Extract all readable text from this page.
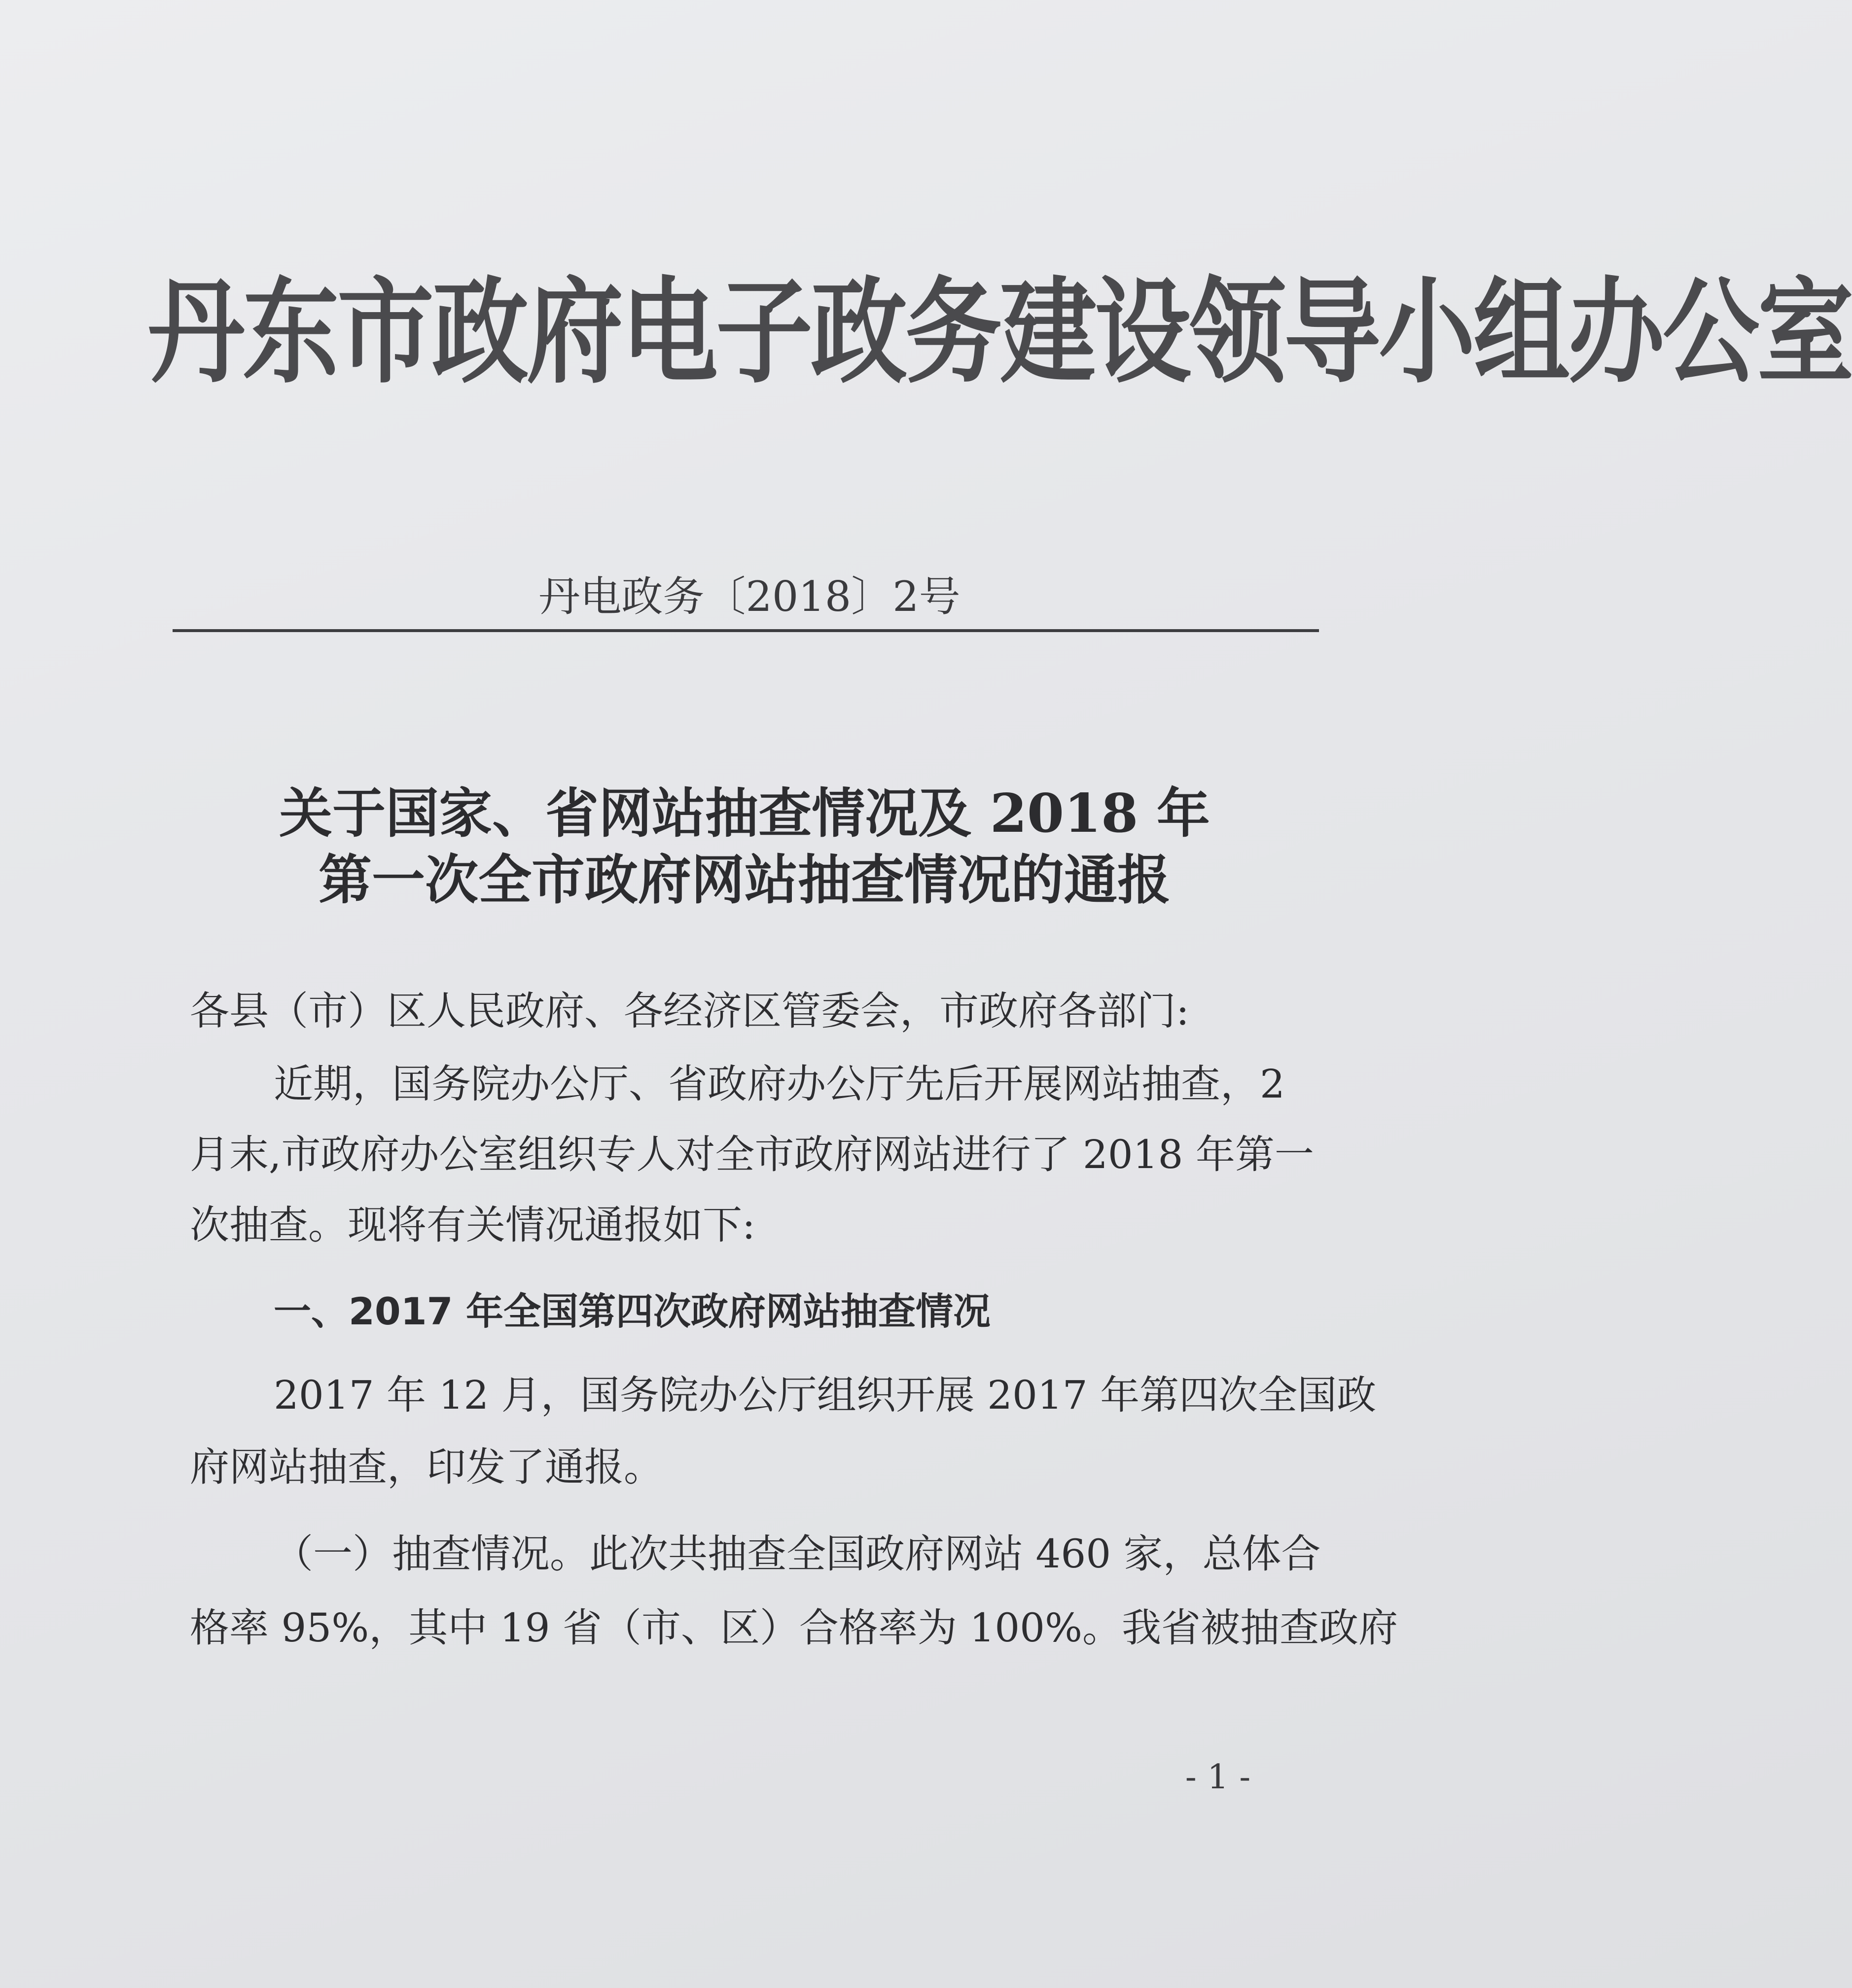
丹东市政府电子政务建设领导小组办公室
丹电政务〔2018〕2号
关于国家、省网站抽查情况及 2018 年
第一次全市政府网站抽查情况的通报
各县（市）区人民政府、各经济区管委会，市政府各部门:
近期，国务院办公厅、省政府办公厅先后开展网站抽查，2
月末,市政府办公室组织专人对全市政府网站进行了 2018 年第一
次抽查。现将有关情况通报如下:
一、2017 年全国第四次政府网站抽查情况
2017 年 12 月，国务院办公厅组织开展 2017 年第四次全国政
府网站抽查，印发了通报。
（一）抽查情况。此次共抽查全国政府网站 460 家，总体合
格率 95%，其中 19 省（市、区）合格率为 100%。我省被抽查政府
- 1 -
